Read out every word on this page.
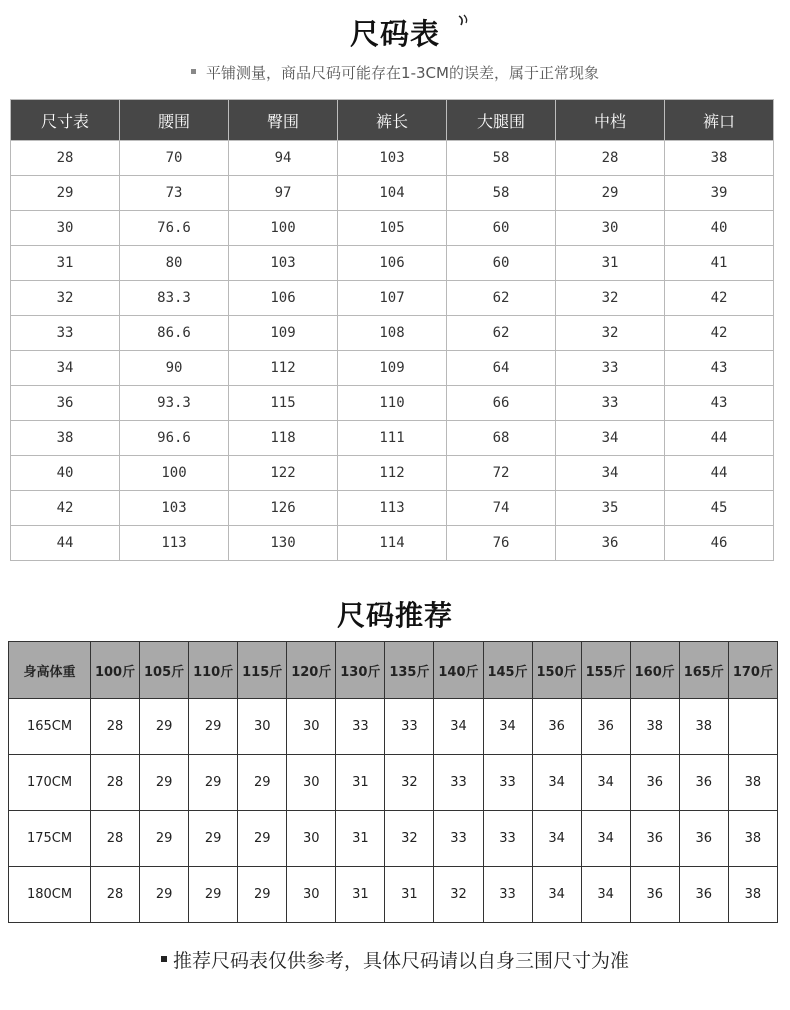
尺码表
平铺测量，商品尺码可能存在1-3CM的误差，属于正常现象
尺寸表	腰围	臀围	裤长	大腿围	中档	裤口
28	70	94	103	58	28	38
29	73	97	104	58	29	39
30	76.6	100	105	60	30	40
31	80	103	106	60	31	41
32	83.3	106	107	62	32	42
33	86.6	109	108	62	32	42
34	90	112	109	64	33	43
36	93.3	115	110	66	33	43
38	96.6	118	111	68	34	44
40	100	122	112	72	34	44
42	103	126	113	74	35	45
44	113	130	114	76	36	46
尺码推荐
身高体重	100斤	105斤	110斤	115斤	120斤	130斤	135斤	140斤	145斤	150斤	155斤	160斤	165斤	170斤
165CM	28	29	29	30	30	33	33	34	34	36	36	38	38	
170CM	28	29	29	29	30	31	32	33	33	34	34	36	36	38
175CM	28	29	29	29	30	31	32	33	33	34	34	36	36	38
180CM	28	29	29	29	30	31	31	32	33	34	34	36	36	38
推荐尺码表仅供参考，具体尺码请以自身三围尺寸为准
